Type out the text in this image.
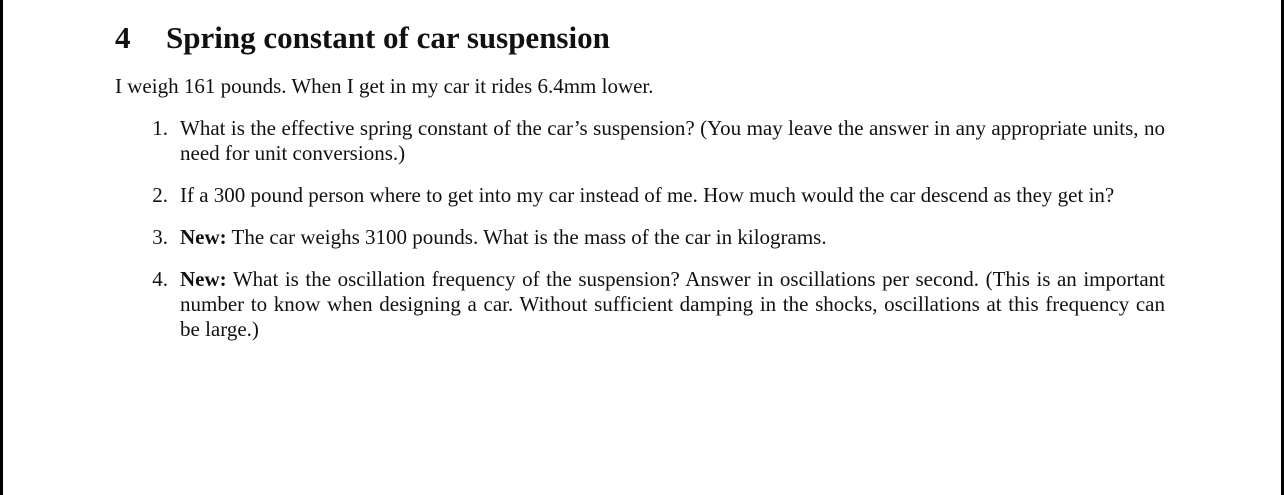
4	Spring constant of car suspension

I weigh 161 pounds. When I get in my car it rides 6.4mm lower.

1. What is the effective spring constant of the car’s suspension? (You may leave the answer in any appropriate units, no need for unit conversions.)
2. If a 300 pound person where to get into my car instead of me. How much would the car descend as they get in?
3. New: The car weighs 3100 pounds. What is the mass of the car in kilograms.
4. New: What is the oscillation frequency of the suspension? Answer in oscillations per second. (This is an important number to know when designing a car. Without sufficient damping in the shocks, oscillations at this frequency can be large.)
